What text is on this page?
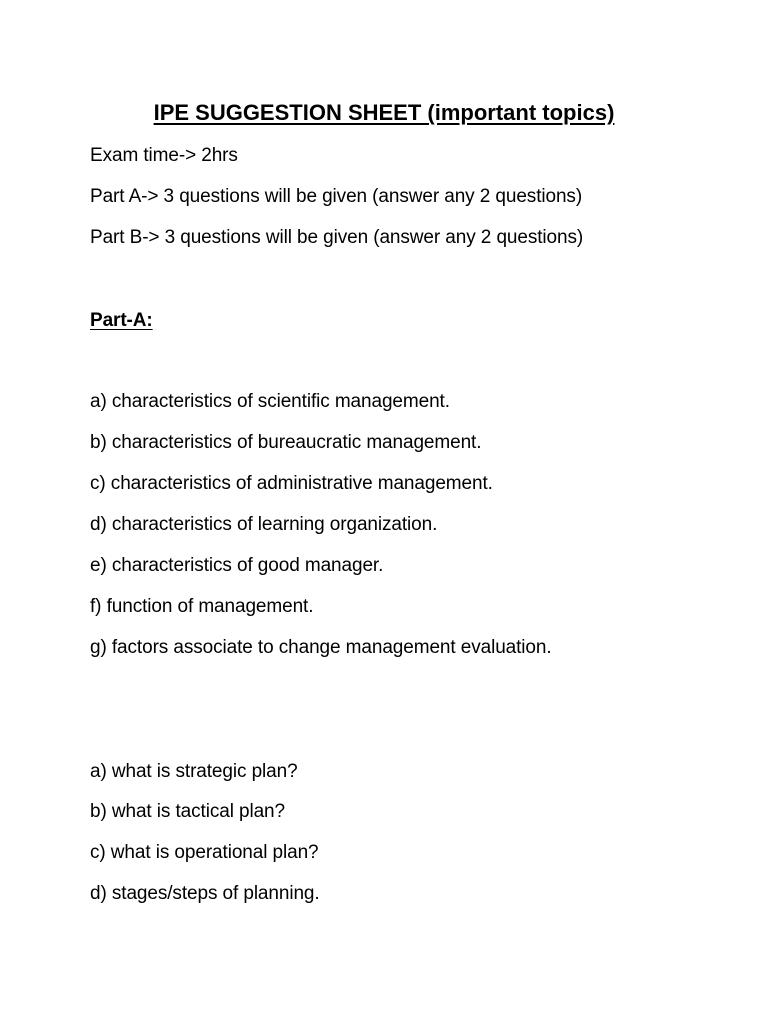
IPE SUGGESTION SHEET (important topics)
Exam time-> 2hrs
Part A-> 3 questions will be given (answer any 2 questions)
Part B-> 3 questions will be given (answer any 2 questions)
Part-A:
a) characteristics of scientific management.
b) characteristics of bureaucratic management.
c) characteristics of administrative management.
d) characteristics of learning organization.
e) characteristics of good manager.
f) function of management.
g) factors associate to change management evaluation.
a) what is strategic plan?
b) what is tactical plan?
c) what is operational plan?
d) stages/steps of planning.
